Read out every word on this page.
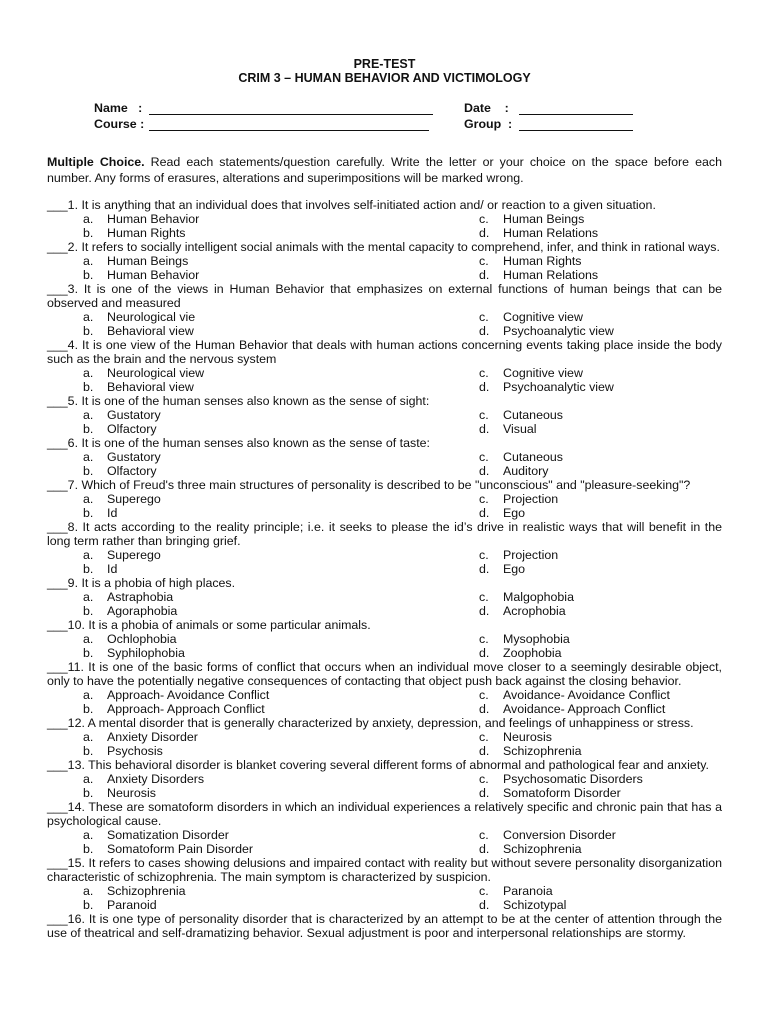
PRE-TEST

CRIM 3 – HUMAN BEHAVIOR AND VICTIMOLOGY

Name   :	Date    :
Course :	Group  :

Multiple Choice. Read each statements/question carefully. Write the letter or your choice on the space before each number. Any forms of erasures, alterations and superimpositions will be marked wrong.

___1. It is anything that an individual does that involves self-initiated action and/ or reaction to a given situation.
a.	Human Behavior	c.	Human Beings
b.	Human Rights	d.	Human Relations
___2. It refers to socially intelligent social animals with the mental capacity to comprehend, infer, and think in rational ways.
a.	Human Beings	c.	Human Rights
b.	Human Behavior	d.	Human Relations
___3. It is one of the views in Human Behavior that emphasizes on external functions of human beings that can be observed and measured
a.	Neurological vie	c.	Cognitive view
b.	Behavioral view	d.	Psychoanalytic view
___4. It is one view of the Human Behavior that deals with human actions concerning events taking place inside the body such as the brain and the nervous system
a.	Neurological view	c.	Cognitive view
b.	Behavioral view	d.	Psychoanalytic view
___5. It is one of the human senses also known as the sense of sight:
a.	Gustatory	c.	Cutaneous
b.	Olfactory	d.	Visual
___6. It is one of the human senses also known as the sense of taste:
a.	Gustatory	c.	Cutaneous
b.	Olfactory	d.	Auditory
___7. Which of Freud's three main structures of personality is described to be "unconscious" and "pleasure-seeking"?
a.	Superego	c.	Projection
b.	Id	d.	Ego
___8. It acts according to the reality principle; i.e. it seeks to please the id’s drive in realistic ways that will benefit in the long term rather than bringing grief.
a.	Superego	c.	Projection
b.	Id	d.	Ego
___9. It is a phobia of high places.
a.	Astraphobia	c.	Malgophobia
b.	Agoraphobia	d.	Acrophobia
___10. It is a phobia of animals or some particular animals.
a.	Ochlophobia	c.	Mysophobia
b.	Syphilophobia	d.	Zoophobia
___11. It is one of the basic forms of conflict that occurs when an individual move closer to a seemingly desirable object, only to have the potentially negative consequences of contacting that object push back against the closing behavior.
a.	Approach- Avoidance Conflict	c.	Avoidance- Avoidance Conflict
b.	Approach- Approach Conflict	d.	Avoidance- Approach Conflict
___12. A mental disorder that is generally characterized by anxiety, depression, and feelings of unhappiness or stress.
a.	Anxiety Disorder	c.	Neurosis
b.	Psychosis	d.	Schizophrenia
___13. This behavioral disorder is blanket covering several different forms of abnormal and pathological fear and anxiety.
a.	Anxiety Disorders	c.	Psychosomatic Disorders
b.	Neurosis	d.	Somatoform Disorder
___14. These are somatoform disorders in which an individual experiences a relatively specific and chronic pain that has a psychological cause.
a.	Somatization Disorder	c.	Conversion Disorder
b.	Somatoform Pain Disorder	d.	Schizophrenia
___15. It refers to cases showing delusions and impaired contact with reality but without severe personality disorganization characteristic of schizophrenia. The main symptom is characterized by suspicion.
a.	Schizophrenia	c.	Paranoia
b.	Paranoid	d.	Schizotypal
___16. It is one type of personality disorder that is characterized by an attempt to be at the center of attention through the use of theatrical and self-dramatizing behavior. Sexual adjustment is poor and interpersonal relationships are stormy.
